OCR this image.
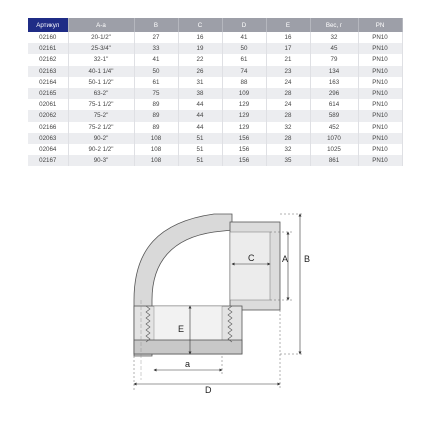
Артикул	A-a	B	C	D	E	Вес, г	PN
02160	20-1/2"	27	16	41	16	32	PN10
02161	25-3/4"	33	19	50	17	45	PN10
02162	32-1"	41	22	61	21	79	PN10
02163	40-1 1/4"	50	26	74	23	134	PN10
02164	50-1 1/2"	61	31	88	24	163	PN10
02165	63-2"	75	38	109	28	296	PN10
02061	75-1 1/2"	89	44	129	24	614	PN10
02062	75-2"	89	44	129	28	589	PN10
02166	75-2 1/2"	89	44	129	32	452	PN10
02063	90-2"	108	51	156	28	1070	PN10
02064	90-2 1/2"	108	51	156	32	1025	PN10
02167	90-3"	108	51	156	35	861	PN10
C	A B
E
a
D
